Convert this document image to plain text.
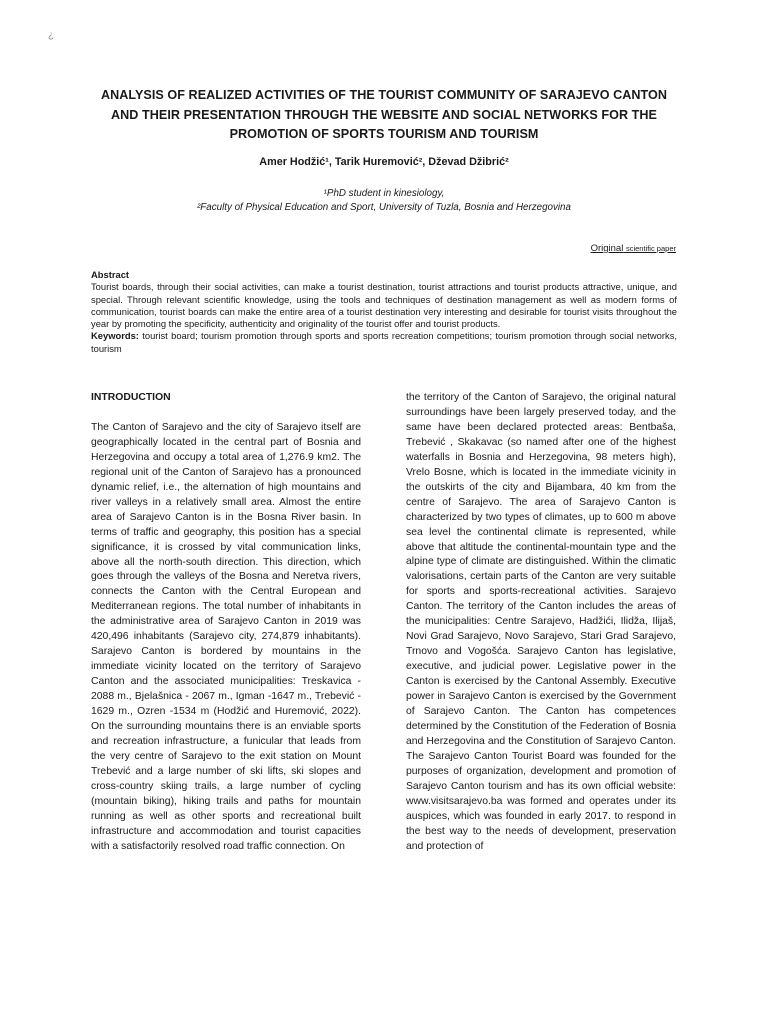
¿
ANALYSIS OF REALIZED ACTIVITIES OF THE TOURIST COMMUNITY OF SARAJEVO CANTON AND THEIR PRESENTATION THROUGH THE WEBSITE AND SOCIAL NETWORKS FOR THE PROMOTION OF SPORTS TOURISM AND TOURISM
Amer Hodžić¹, Tarik Huremović², Dževad Džibrić²
¹PhD student in kinesiology,
²Faculty of Physical Education and Sport, University of Tuzla, Bosnia and Herzegovina
Original scientific paper
Abstract
Tourist boards, through their social activities, can make a tourist destination, tourist attractions and tourist products attractive, unique, and special. Through relevant scientific knowledge, using the tools and techniques of destination management as well as modern forms of communication, tourist boards can make the entire area of a tourist destination very interesting and desirable for tourist visits throughout the year by promoting the specificity, authenticity and originality of the tourist offer and tourist products.
Keywords: tourist board; tourism promotion through sports and sports recreation competitions; tourism promotion through social networks, tourism
INTRODUCTION

The Canton of Sarajevo and the city of Sarajevo itself are geographically located in the central part of Bosnia and Herzegovina and occupy a total area of 1,276.9 km2. The regional unit of the Canton of Sarajevo has a pronounced dynamic relief, i.e., the alternation of high mountains and river valleys in a relatively small area. Almost the entire area of Sarajevo Canton is in the Bosna River basin. In terms of traffic and geography, this position has a special significance, it is crossed by vital communication links, above all the north-south direction. This direction, which goes through the valleys of the Bosna and Neretva rivers, connects the Canton with the Central European and Mediterranean regions. The total number of inhabitants in the administrative area of Sarajevo Canton in 2019 was 420,496 inhabitants (Sarajevo city, 274,879 inhabitants). Sarajevo Canton is bordered by mountains in the immediate vicinity located on the territory of Sarajevo Canton and the associated municipalities: Treskavica - 2088 m., Bjelašnica - 2067 m., Igman -1647 m., Trebević - 1629 m., Ozren -1534 m (Hodžić and Huremović, 2022). On the surrounding mountains there is an enviable sports and recreation infrastructure, a funicular that leads from the very centre of Sarajevo to the exit station on Mount Trebević and a large number of ski lifts, ski slopes and cross-country skiing trails, a large number of cycling (mountain biking), hiking trails and paths for mountain running as well as other sports and recreational built infrastructure and accommodation and tourist capacities with a satisfactorily resolved road traffic connection. On

the territory of the Canton of Sarajevo, the original natural surroundings have been largely preserved today, and the same have been declared protected areas: Bentbaša, Trebević , Skakavac (so named after one of the highest waterfalls in Bosnia and Herzegovina, 98 meters high), Vrelo Bosne, which is located in the immediate vicinity in the outskirts of the city and Bijambara, 40 km from the centre of Sarajevo. The area of Sarajevo Canton is characterized by two types of climates, up to 600 m above sea level the continental climate is represented, while above that altitude the continental-mountain type and the alpine type of climate are distinguished. Within the climatic valorisations, certain parts of the Canton are very suitable for sports and sports-recreational activities. Sarajevo Canton. The territory of the Canton includes the areas of the municipalities: Centre Sarajevo, Hadžići, Ilidža, Ilijaš, Novi Grad Sarajevo, Novo Sarajevo, Stari Grad Sarajevo, Trnovo and Vogošća. Sarajevo Canton has legislative, executive, and judicial power. Legislative power in the Canton is exercised by the Cantonal Assembly. Executive power in Sarajevo Canton is exercised by the Government of Sarajevo Canton. The Canton has competences determined by the Constitution of the Federation of Bosnia and Herzegovina and the Constitution of Sarajevo Canton. The Sarajevo Canton Tourist Board was founded for the purposes of organization, development and promotion of Sarajevo Canton tourism and has its own official website: www.visitsarajevo.ba was formed and operates under its auspices, which was founded in early 2017. to respond in the best way to the needs of development, preservation and protection of
